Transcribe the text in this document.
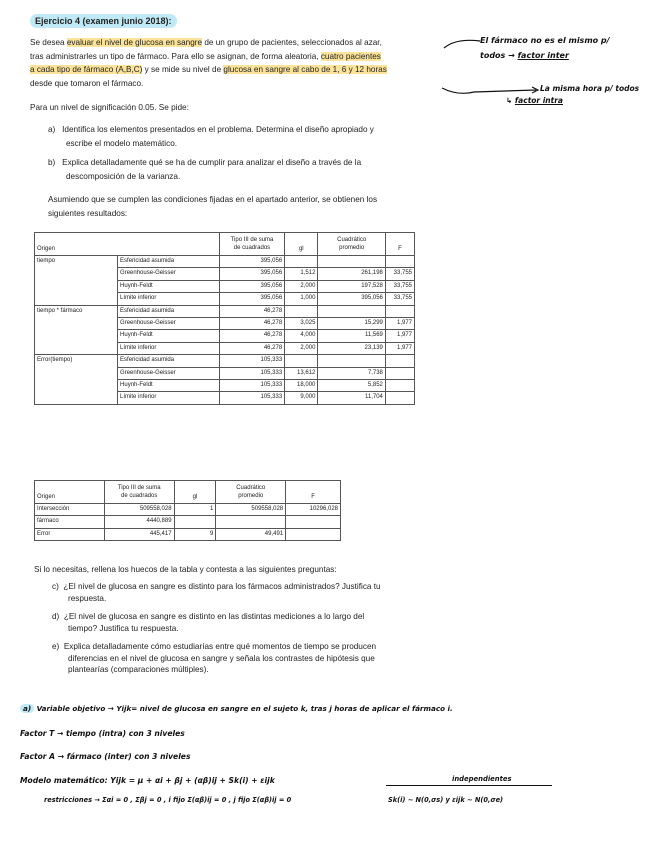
Ejercicio 4 (examen junio 2018):
Se desea evaluar el nivel de glucosa en sangre de un grupo de pacientes, seleccionados al azar,
tras administrarles un tipo de fármaco. Para ello se asignan, de forma aleatoria, cuatro pacientes
a cada tipo de fármaco (A,B,C) y se mide su nivel de glucosa en sangre al cabo de 1, 6 y 12 horas
desde que tomaron el fármaco.
El fármaco no es el mismo p/
todos → factor inter
La misma hora p/ todos
↳ factor intra
Para un nivel de significación 0.05. Se pide:
a) Identifica los elementos presentados en el problema. Determina el diseño apropiado y
escribe el modelo matemático.
b) Explica detalladamente qué se ha de cumplir para analizar el diseño a través de la
descomposición de la varianza.
Asumiendo que se cumplen las condiciones fijadas en el apartado anterior, se obtienen los
siguientes resultados:
Origen		Tipo III de suma
de cuadrados	gl	Cuadrático
promedio	F
tiempo	Esfericidad asumida	395,056			
	Greenhouse-Geisser	395,056	1,512	261,198	33,755
	Huynh-Feldt	395,056	2,000	197,528	33,755
	Límite inferior	395,056	1,000	395,056	33,755
tiempo * fármaco	Esfericidad asumida	46,278			
	Greenhouse-Geisser	46,278	3,025	15,299	1,977
	Huynh-Feldt	46,278	4,000	11,569	1,977
	Límite inferior	46,278	2,000	23,139	1,977
Error(tiempo)	Esfericidad asumida	105,333			
	Greenhouse-Geisser	105,333	13,612	7,738	
	Huynh-Feldt	105,333	18,000	5,852	
	Límite inferior	105,333	9,000	11,704	
Origen	Tipo III de suma
de cuadrados	gl	Cuadrático
promedio	F
Intersección	509558,028	1	509558,028	10296,028
fármaco	4440,889			
Error	445,417	9	49,491	
Si lo necesitas, rellena los huecos de la tabla y contesta a las siguientes preguntas:
c) ¿El nivel de glucosa en sangre es distinto para los fármacos administrados? Justifica tu
respuesta.
d) ¿El nivel de glucosa en sangre es distinto en las distintas mediciones a lo largo del
tiempo? Justifica tu respuesta.
e) Explica detalladamente cómo estudiarías entre qué momentos de tiempo se producen
diferencias en el nivel de glucosa en sangre y señala los contrastes de hipótesis que
plantearías (comparaciones múltiples).
a) Variable objetivo → Yijk= nivel de glucosa en sangre en el sujeto k, tras j horas de aplicar el fármaco i.
Factor T → tiempo (intra) con 3 niveles
Factor A → fármaco (inter) con 3 niveles
Modelo matemático: Yijk = μ + αi + βj + (αβ)ij + Sk(i) + εijk	independientes
restricciones → Σαi = 0 , Σβj = 0 , i fijo Σ(αβ)ij = 0 , j fijo Σ(αβ)ij = 0	Sk(i) ~ N(0,σs) y εijk ~ N(0,σe)
